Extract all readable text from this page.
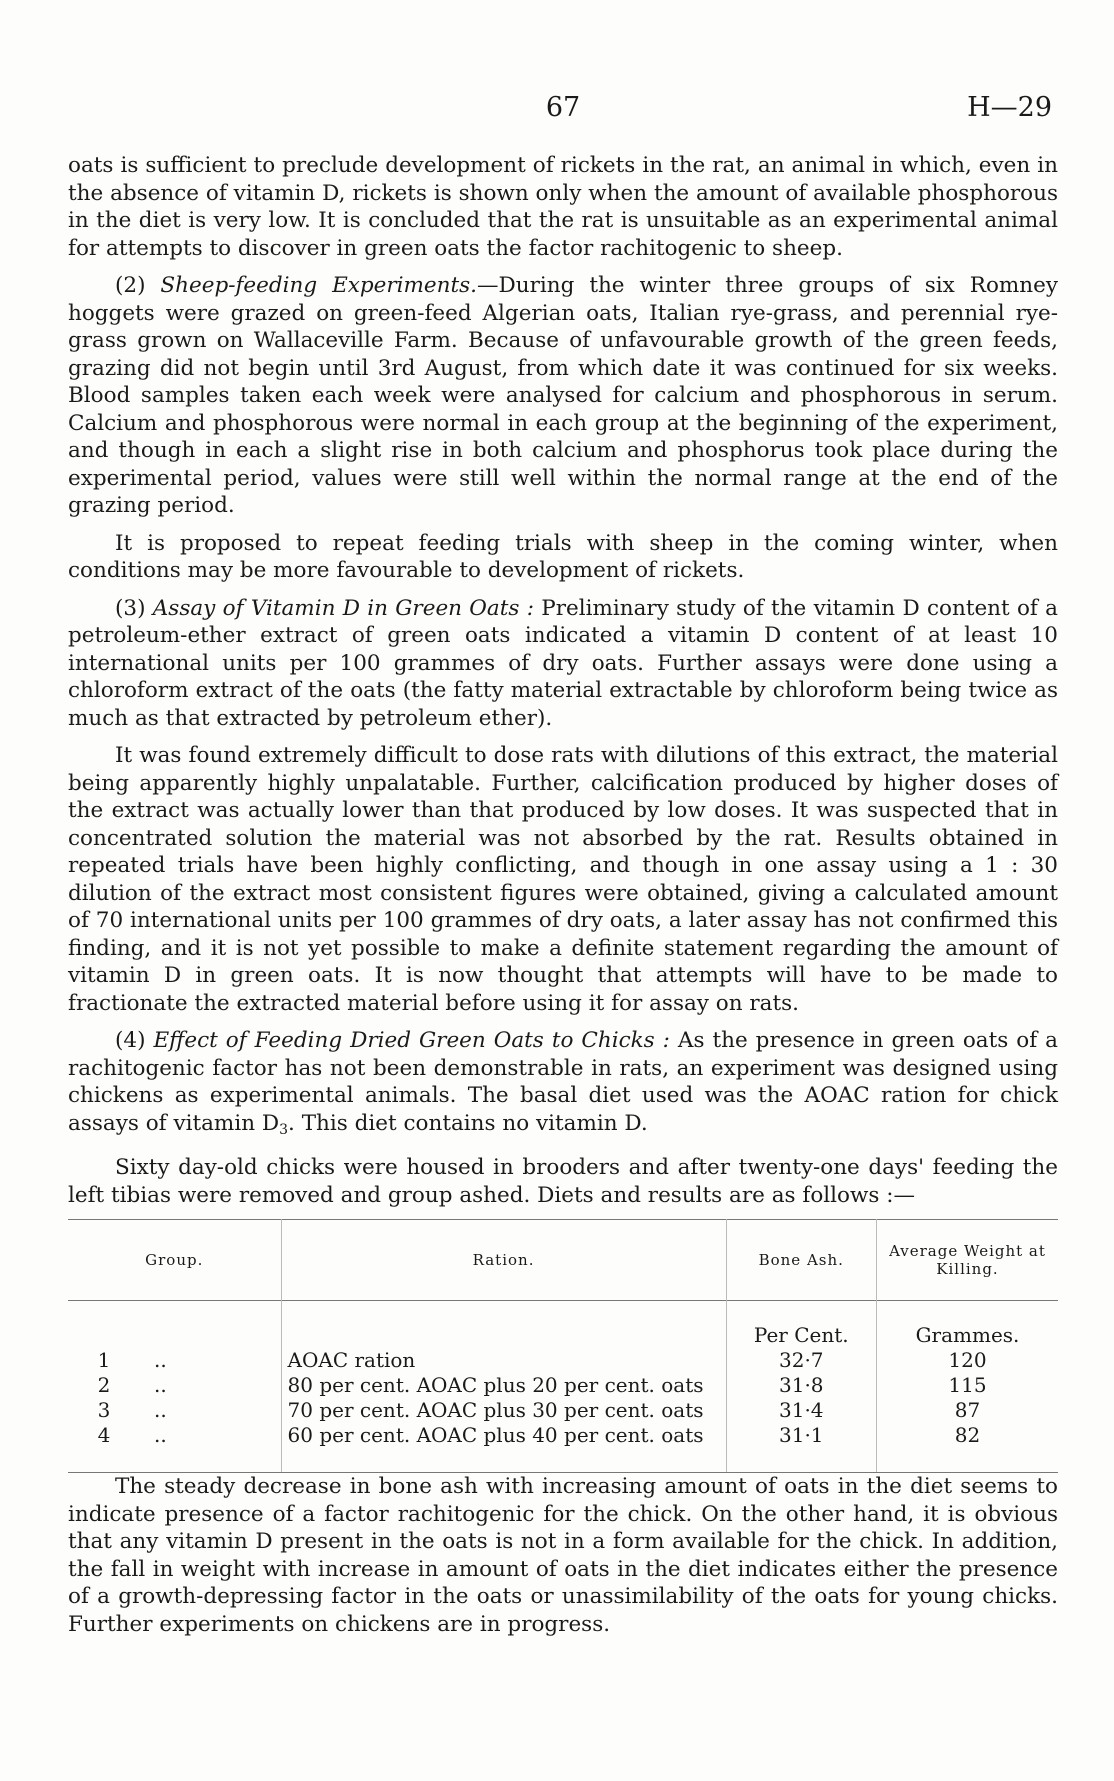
67	H—29

oats is sufficient to preclude development of rickets in the rat, an animal in which, even in the absence of vitamin D, rickets is shown only when the amount of available phosphorous in the diet is very low. It is concluded that the rat is unsuitable as an experimental animal for attempts to discover in green oats the factor rachitogenic to sheep.

(2) Sheep-feeding Experiments.—During the winter three groups of six Romney hoggets were grazed on green-feed Algerian oats, Italian rye-grass, and perennial rye-grass grown on Wallaceville Farm. Because of unfavourable growth of the green feeds, grazing did not begin until 3rd August, from which date it was continued for six weeks. Blood samples taken each week were analysed for calcium and phosphorous in serum. Calcium and phosphorous were normal in each group at the beginning of the experiment, and though in each a slight rise in both calcium and phosphorus took place during the experimental period, values were still well within the normal range at the end of the grazing period.

It is proposed to repeat feeding trials with sheep in the coming winter, when conditions may be more favourable to development of rickets.

(3) Assay of Vitamin D in Green Oats : Preliminary study of the vitamin D content of a petroleum-ether extract of green oats indicated a vitamin D content of at least 10 international units per 100 grammes of dry oats. Further assays were done using a chloroform extract of the oats (the fatty material extractable by chloroform being twice as much as that extracted by petroleum ether).

It was found extremely difficult to dose rats with dilutions of this extract, the material being apparently highly unpalatable. Further, calcification produced by higher doses of the extract was actually lower than that produced by low doses. It was suspected that in concentrated solution the material was not absorbed by the rat. Results obtained in repeated trials have been highly conflicting, and though in one assay using a 1 : 30 dilution of the extract most consistent figures were obtained, giving a calculated amount of 70 international units per 100 grammes of dry oats, a later assay has not confirmed this finding, and it is not yet possible to make a definite statement regarding the amount of vitamin D in green oats. It is now thought that attempts will have to be made to fractionate the extracted material before using it for assay on rats.

(4) Effect of Feeding Dried Green Oats to Chicks : As the presence in green oats of a rachitogenic factor has not been demonstrable in rats, an experiment was designed using chickens as experimental animals. The basal diet used was the AOAC ration for chick assays of vitamin $D_3$. This diet contains no vitamin D.

Sixty day-old chicks were housed in brooders and after twenty-one days' feeding the left tibias were removed and group ashed. Diets and results are as follows :—

Group.	Ration.	Bone Ash.	Average Weight at Killing.
		Per Cent.	Grammes.
1 ..	AOAC ration	32·7	120
2 ..	80 per cent. AOAC plus 20 per cent. oats	31·8	115
3 ..	70 per cent. AOAC plus 30 per cent. oats	31·4	87
4 ..	60 per cent. AOAC plus 40 per cent. oats	31·1	82

The steady decrease in bone ash with increasing amount of oats in the diet seems to indicate presence of a factor rachitogenic for the chick. On the other hand, it is obvious that any vitamin D present in the oats is not in a form available for the chick. In addition, the fall in weight with increase in amount of oats in the diet indicates either the presence of a growth-depressing factor in the oats or unassimilability of the oats for young chicks. Further experiments on chickens are in progress.
